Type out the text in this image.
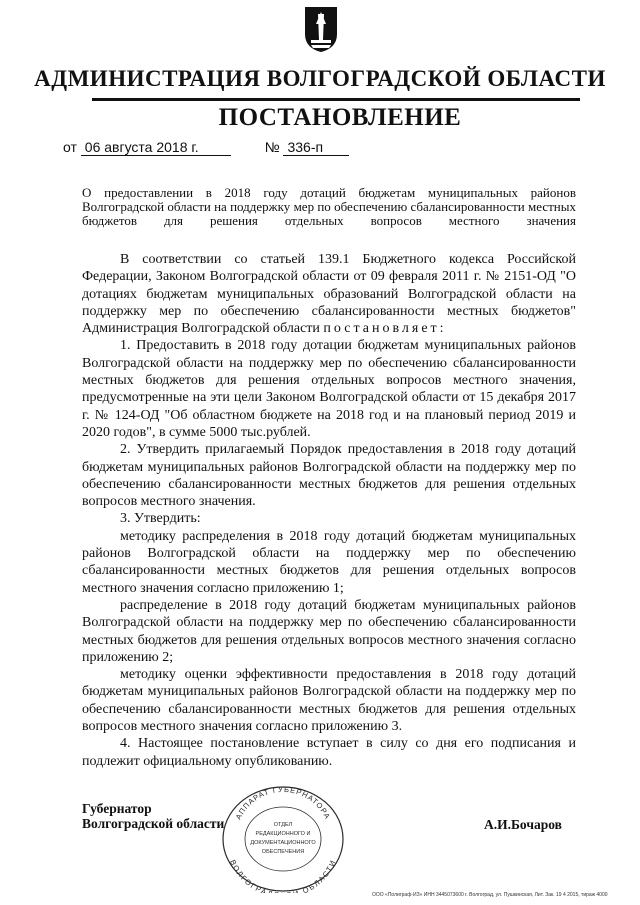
АДМИНИСТРАЦИЯ ВОЛГОГРАДСКОЙ ОБЛАСТИ
ПОСТАНОВЛЕНИЕ
от 06 августа 2018 г.	№ 336-п
О предоставлении в 2018 году дотаций бюджетам муниципальных районов Волгоградской области на поддержку мер по обеспечению сбалансированности местных бюджетов для решения отдельных вопросов местного значения

В соответствии со статьей 139.1 Бюджетного кодекса Российской Федерации, Законом Волгоградской области от 09 февраля 2011 г. № 2151-ОД "О дотациях бюджетам муниципальных образований Волгоградской области на поддержку мер по обеспечению сбалансированности местных бюджетов" Администрация Волгоградской области постановляет:

1. Предоставить в 2018 году дотации бюджетам муниципальных районов Волгоградской области на поддержку мер по обеспечению сбалансированности местных бюджетов для решения отдельных вопросов местного значения, предусмотренные на эти цели Законом Волгоградской области от 15 декабря 2017 г. № 124-ОД "Об областном бюджете на 2018 год и на плановый период 2019 и 2020 годов", в сумме 5000 тыс.рублей.

2. Утвердить прилагаемый Порядок предоставления в 2018 году дотаций бюджетам муниципальных районов Волгоградской области на поддержку мер по обеспечению сбалансированности местных бюджетов для решения отдельных вопросов местного значения.

3. Утвердить:

методику распределения в 2018 году дотаций бюджетам муниципальных районов Волгоградской области на поддержку мер по обеспечению сбалансированности местных бюджетов для решения отдельных вопросов местного значения согласно приложению 1;

распределение в 2018 году дотаций бюджетам муниципальных районов Волгоградской области на поддержку мер по обеспечению сбалансированности местных бюджетов для решения отдельных вопросов местного значения согласно приложению 2;

методику оценки эффективности предоставления в 2018 году дотаций бюджетам муниципальных районов Волгоградской области на поддержку мер по обеспечению сбалансированности местных бюджетов для решения отдельных вопросов местного значения согласно приложению 3.

4. Настоящее постановление вступает в силу со дня его подписания и подлежит официальному опубликованию.

Губернатор
Волгоградской области АППАРАТ ГУБЕРНАТОРА
ВОЛГОГРА ОБЛАСТИ
ОТДЕЛ
РЕДАКЦИОННОГО И
ДОКУМЕНТАЦИОННОГО
ОБЕСПЕЧЕНИЯ
А.И.Бочаров
ООО «Полиграф-ИЗ» ИНН 3445073600 г. Волгоград, ул. Пушкинская, Лит. Зак. 19 4 2015, тираж 4000
